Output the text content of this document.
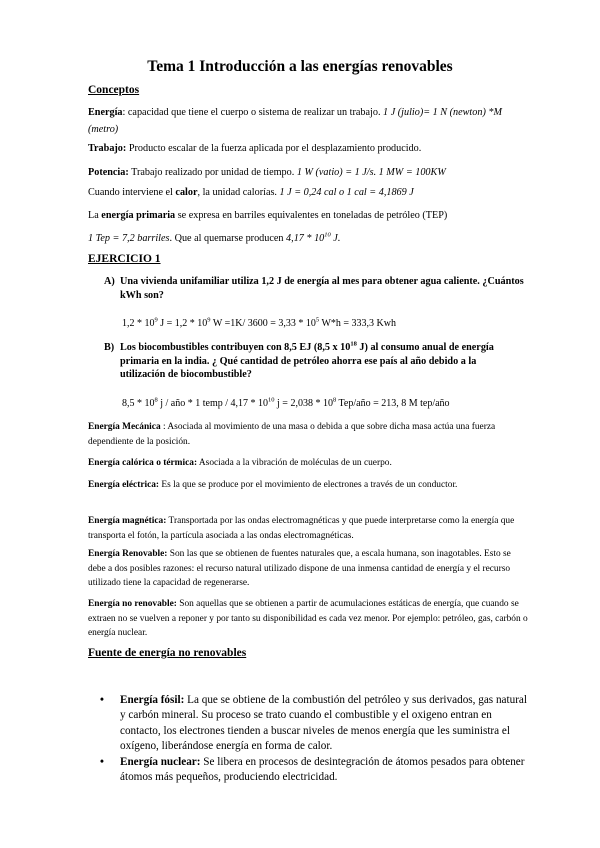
Tema 1 Introducción a las energías renovables
Conceptos
Energía: capacidad que tiene el cuerpo o sistema de realizar un trabajo. 1 J (julio)= 1 N (newton) *M (metro)
Trabajo: Producto escalar de la fuerza aplicada por el desplazamiento producido.
Potencia: Trabajo realizado por unidad de tiempo. 1 W (vatio) = 1 J/s. 1 MW = 100KW
Cuando interviene el calor, la unidad calorías. 1 J = 0,24 cal o 1 cal = 4,1869 J
La energía primaria se expresa en barriles equivalentes en toneladas de petróleo (TEP)
1 Tep = 7,2 barriles. Que al quemarse producen $4,17 * 10^{10}$ J.
EJERCICIO 1
A) Una vivienda unifamiliar utiliza 1,2 J de energía al mes para obtener agua caliente. ¿Cuántos kWh son?
$1,2 * 10^9$ $J = 1,2 * 10^9$ W =1K/ $3600 = 3,33 * 10^5$ W*h = 333,3 Kwh
B) Los biocombustibles contribuyen con 8,5 EJ (8,5 x $10^{18}$ J) al consumo anual de energía primaria en la india. ¿ Qué cantidad de petróleo ahorra ese país al año debido a la utilización de biocombustible?
$8,5 * 10^8$ j / año * 1 temp / $4,17 * 10^{10}$ $j = 2,038 * 10^8$ Tep/año = 213, 8 M tep/año
Energía Mecánica : Asociada al movimiento de una masa o debida a que sobre dicha masa actúa una fuerza dependiente de la posición.
Energía calórica o térmica: Asociada a la vibración de moléculas de un cuerpo.
Energía eléctrica: Es la que se produce por el movimiento de electrones a través de un conductor.
Energía magnética: Transportada por las ondas electromagnéticas y que puede interpretarse como la energía que transporta el fotón, la partícula asociada a las ondas electromagnéticas.
Energía Renovable: Son las que se obtienen de fuentes naturales que, a escala humana, son inagotables. Esto se debe a dos posibles razones: el recurso natural utilizado dispone de una inmensa cantidad de energía y el recurso utilizado tiene la capacidad de regenerarse.
Energía no renovable: Son aquellas que se obtienen a partir de acumulaciones estáticas de energía, que cuando se extraen no se vuelven a reponer y por tanto su disponibilidad es cada vez menor. Por ejemplo: petróleo, gas, carbón o energía nuclear.
Fuente de energía no renovables
• Energía fósil: La que se obtiene de la combustión del petróleo y sus derivados, gas natural y carbón mineral. Su proceso se trato cuando el combustible y el oxigeno entran en contacto, los electrones tienden a buscar niveles de menos energía que les suministra el oxígeno, liberándose energía en forma de calor.
• Energía nuclear: Se libera en procesos de desintegración de átomos pesados para obtener átomos más pequeños, produciendo electricidad.
